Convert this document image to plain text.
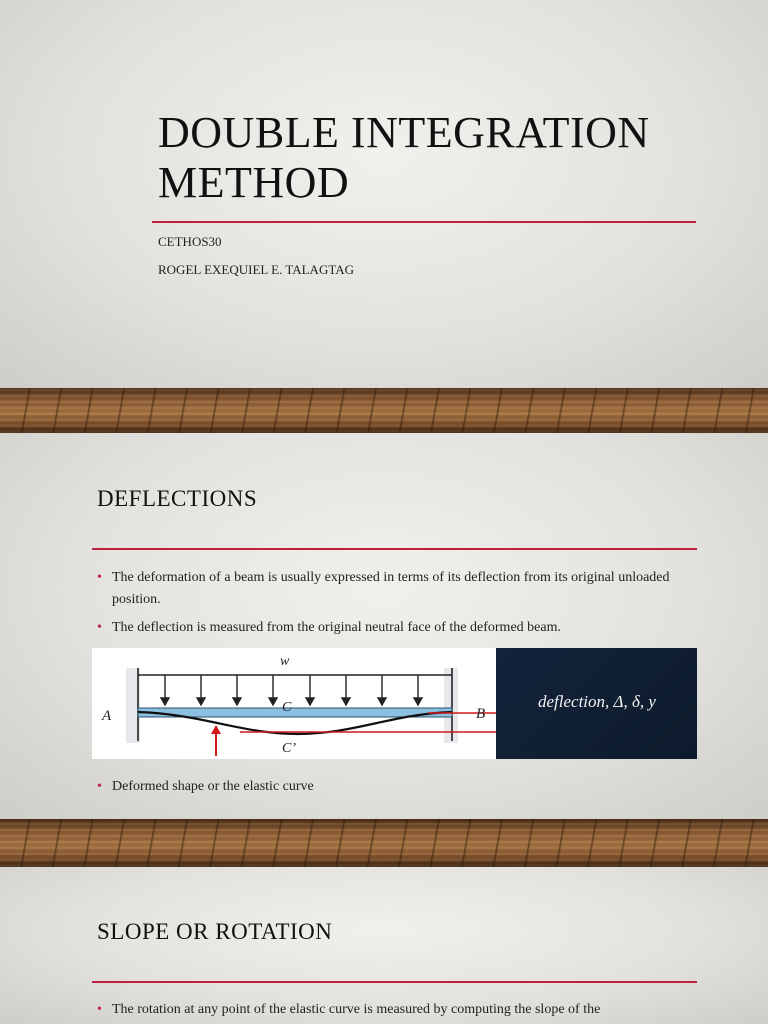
DOUBLE INTEGRATION
METHOD

CETHOS30

ROGEL EXEQUIEL E. TALAGTAG

DEFLECTIONS
• The deformation of a beam is usually expressed in terms of its deflection from its original unloaded position.
• The deflection is measured from the original neutral face of the deformed beam.
w
A	B
C
C’
deflection, Δ, δ, y
• Deformed shape or the elastic curve
SLOPE OR ROTATION
• The rotation at any point of the elastic curve is measured by computing the slope of the
